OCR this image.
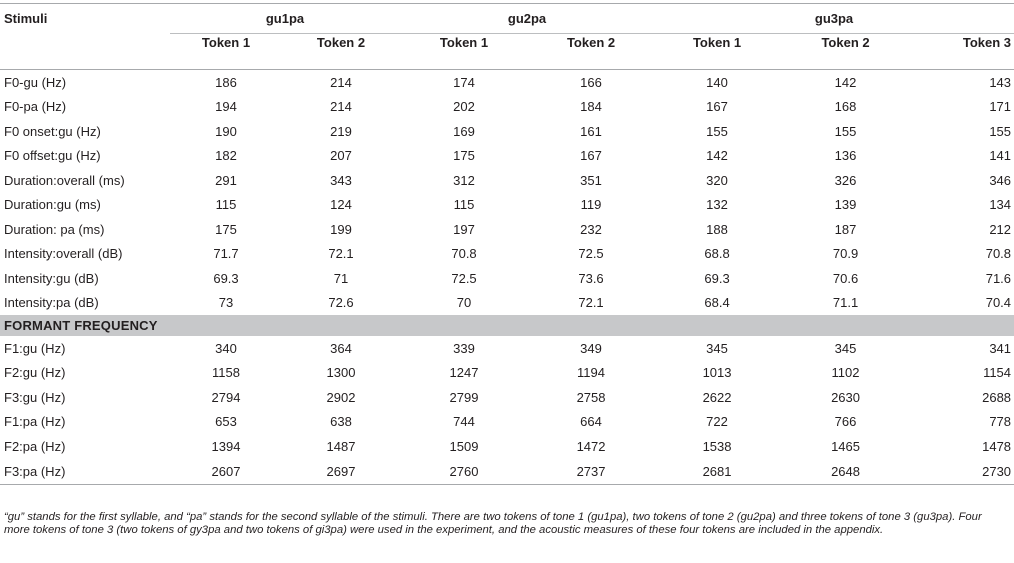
Stimuli	gu1pa		gu2pa		gu3pa		
	Token 1	Token 2	Token 1	Token 2	Token 1	Token 2	Token 3
F0-gu (Hz)	186	214	174	166	140	142	143
F0-pa (Hz)	194	214	202	184	167	168	171
F0 onset:gu (Hz)	190	219	169	161	155	155	155
F0 offset:gu (Hz)	182	207	175	167	142	136	141
Duration:overall (ms)	291	343	312	351	320	326	346
Duration:gu (ms)	115	124	115	119	132	139	134
Duration: pa (ms)	175	199	197	232	188	187	212
Intensity:overall (dB)	71.7	72.1	70.8	72.5	68.8	70.9	70.8
Intensity:gu (dB)	69.3	71	72.5	73.6	69.3	70.6	71.6
Intensity:pa (dB)	73	72.6	70	72.1	68.4	71.1	70.4
FORMANT FREQUENCY							
F1:gu (Hz)	340	364	339	349	345	345	341
F2:gu (Hz)	1158	1300	1247	1194	1013	1102	1154
F3:gu (Hz)	2794	2902	2799	2758	2622	2630	2688
F1:pa (Hz)	653	638	744	664	722	766	778
F2:pa (Hz)	1394	1487	1509	1472	1538	1465	1478
F3:pa (Hz)	2607	2697	2760	2737	2681	2648	2730
“gu” stands for the first syllable, and “pa” stands for the second syllable of the stimuli. There are two tokens of tone 1 (gu1pa), two tokens of tone 2 (gu2pa) and three tokens of tone 3 (gu3pa). Four more tokens of tone 3 (two tokens of gy3pa and two tokens of gi3pa) were used in the experiment, and the acoustic measures of these four tokens are included in the appendix.
